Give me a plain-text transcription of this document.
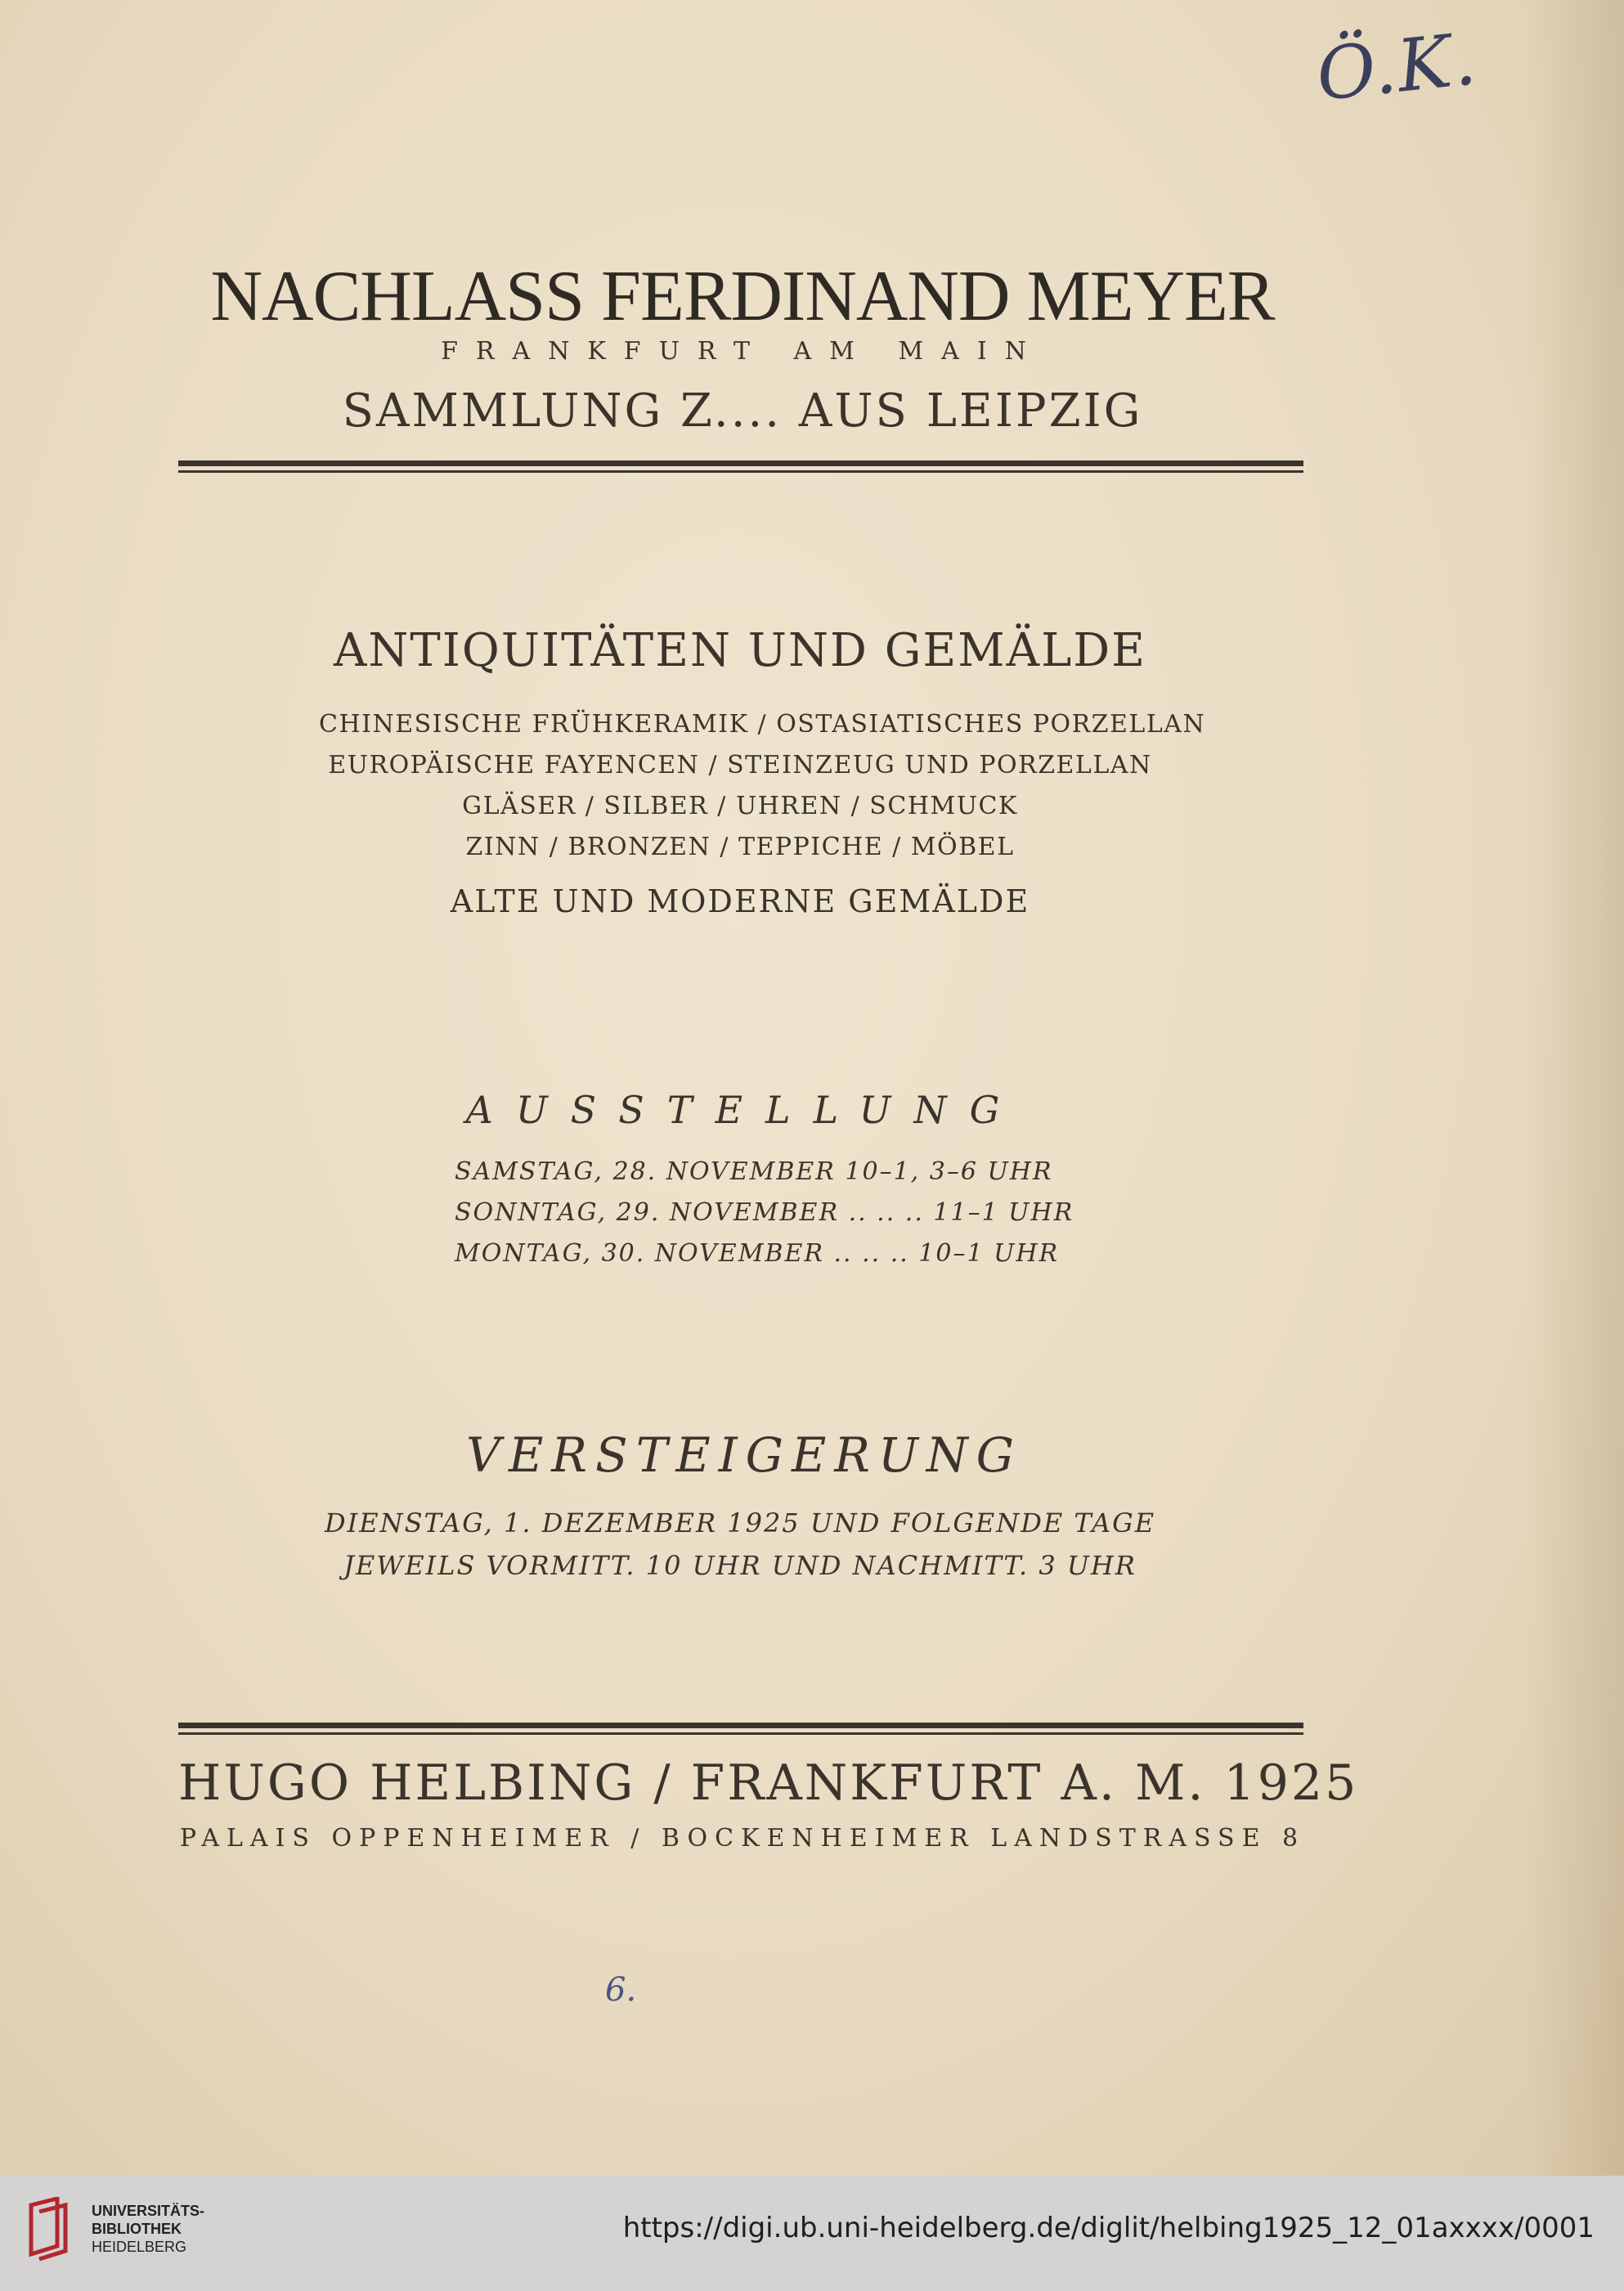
Ö.K.
NACHLASS FERDINAND MEYER
FRANKFURT AM MAIN
SAMMLUNG Z.... AUS LEIPZIG
ANTIQUITÄTEN UND GEMÄLDE
CHINESISCHE FRÜHKERAMIK / OSTASIATISCHES PORZELLAN
EUROPÄISCHE FAYENCEN / STEINZEUG UND PORZELLAN
GLÄSER / SILBER / UHREN / SCHMUCK
ZINN / BRONZEN / TEPPICHE / MÖBEL
ALTE UND MODERNE GEMÄLDE
AUSSTELLUNG
SAMSTAG, 28. NOVEMBER 10–1, 3–6 UHR
SONNTAG, 29. NOVEMBER .. .. .. 11–1 UHR
MONTAG, 30. NOVEMBER .. .. .. 10–1 UHR
VERSTEIGERUNG
DIENSTAG, 1. DEZEMBER 1925 UND FOLGENDE TAGE
JEWEILS VORMITT. 10 UHR UND NACHMITT. 3 UHR
HUGO HELBING / FRANKFURT A. M. 1925
PALAIS OPPENHEIMER / BOCKENHEIMER LANDSTRASSE 8
6.
UNIVERSITÄTS-
BIBLIOTHEK
HEIDELBERG
https://digi.ub.uni-heidelberg.de/diglit/helbing1925_12_01axxxx/0001
